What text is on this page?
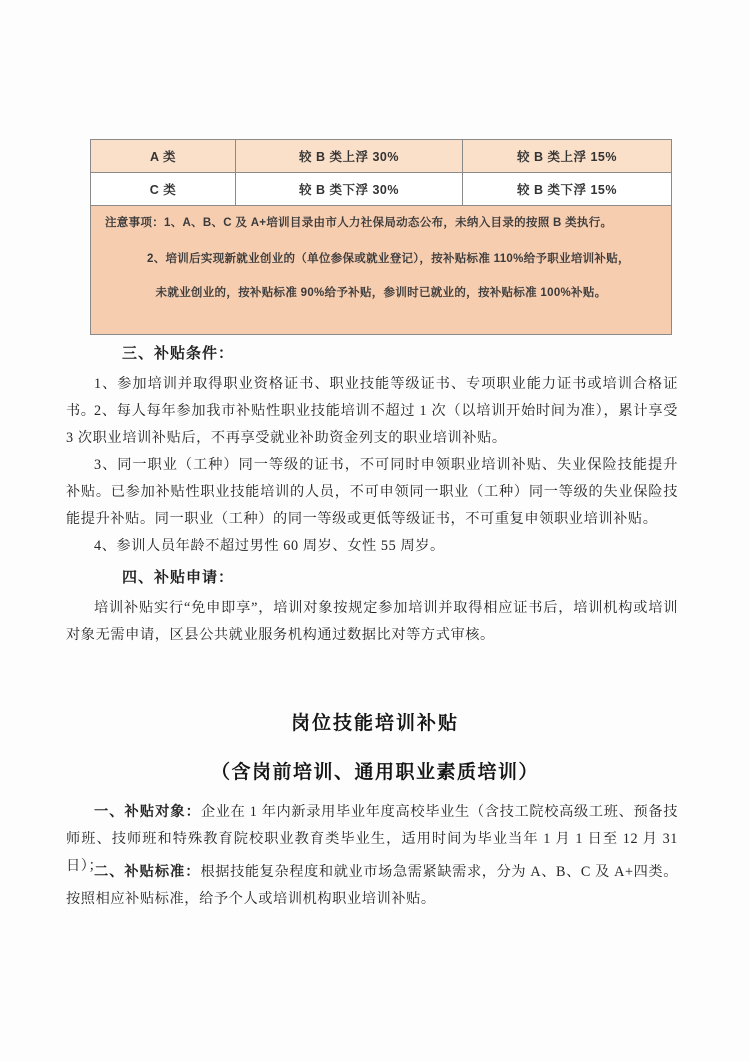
A 类	较 B 类上浮 30%	较 B 类上浮 15%
C 类	较 B 类下浮 30%	较 B 类下浮 15%

注意事项：1、A、B、C 及 A+培训目录由市人力社保局动态公布，未纳入目录的按照 B 类执行。
2、培训后实现新就业创业的（单位参保或就业登记），按补贴标准 110%给予职业培训补贴，
未就业创业的，按补贴标准 90%给予补贴，参训时已就业的，按补贴标准 100%补贴。		
三、补贴条件：
1、参加培训并取得职业资格证书、职业技能等级证书、专项职业能力证书或培训合格证书。
2、每人每年参加我市补贴性职业技能培训不超过 1 次（以培训开始时间为准），累计享受 3 次职业培训补贴后，不再享受就业补助资金列支的职业培训补贴。
3、同一职业（工种）同一等级的证书，不可同时申领职业培训补贴、失业保险技能提升补贴。已参加补贴性职业技能培训的人员，不可申领同一职业（工种）同一等级的失业保险技能提升补贴。同一职业（工种）的同一等级或更低等级证书，不可重复申领职业培训补贴。
4、参训人员年龄不超过男性 60 周岁、女性 55 周岁。
四、补贴申请：
培训补贴实行“免申即享”，培训对象按规定参加培训并取得相应证书后，培训机构或培训对象无需申请，区县公共就业服务机构通过数据比对等方式审核。
岗位技能培训补贴
（含岗前培训、通用职业素质培训）
一、补贴对象：企业在 1 年内新录用毕业年度高校毕业生（含技工院校高级工班、预备技师班、技师班和特殊教育院校职业教育类毕业生，适用时间为毕业当年 1 月 1 日至 12 月 31 日）；
二、补贴标准：根据技能复杂程度和就业市场急需紧缺需求，分为 A、B、C 及 A+四类。按照相应补贴标准，给予个人或培训机构职业培训补贴。
